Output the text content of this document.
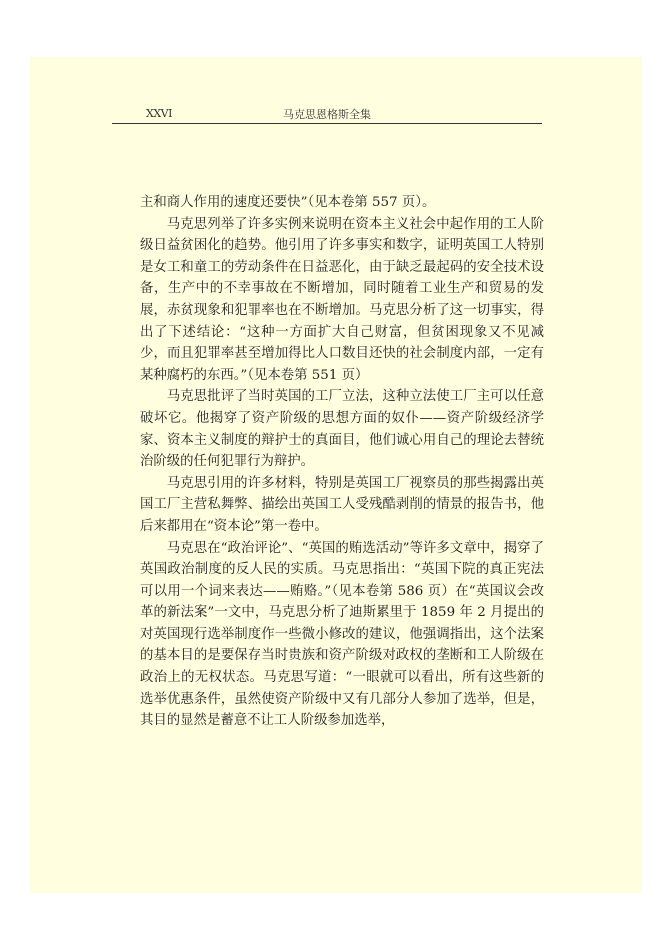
XXVI	马克思恩格斯全集

主和商人作用的速度还要快”（见本卷第 557 页）。

马克思列举了许多实例来说明在资本主义社会中起作用的工人阶级日益贫困化的趋势。他引用了许多事实和数字，证明英国工人特别是女工和童工的劳动条件在日益恶化，由于缺乏最起码的安全技术设备，生产中的不幸事故在不断增加，同时随着工业生产和贸易的发展，赤贫现象和犯罪率也在不断增加。马克思分析了这一切事实，得出了下述结论：“这种一方面扩大自己财富，但贫困现象又不见减少，而且犯罪率甚至增加得比人口数目还快的社会制度内部，一定有某种腐朽的东西。”（见本卷第 551 页）

马克思批评了当时英国的工厂立法，这种立法使工厂主可以任意破坏它。他揭穿了资产阶级的思想方面的奴仆——资产阶级经济学家、资本主义制度的辩护士的真面目，他们诚心用自己的理论去替统治阶级的任何犯罪行为辩护。

马克思引用的许多材料，特别是英国工厂视察员的那些揭露出英国工厂主营私舞弊、描绘出英国工人受残酷剥削的情景的报告书，他后来都用在“资本论”第一卷中。

马克思在“政治评论”、“英国的贿选活动”等许多文章中，揭穿了英国政治制度的反人民的实质。马克思指出：“英国下院的真正宪法可以用一个词来表达——贿赂。”（见本卷第 586 页）在“英国议会改革的新法案”一文中，马克思分析了迪斯累里于 1859 年 2 月提出的对英国现行选举制度作一些微小修改的建议，他强调指出，这个法案的基本目的是要保存当时贵族和资产阶级对政权的垄断和工人阶级在政治上的无权状态。马克思写道：“一眼就可以看出，所有这些新的选举优惠条件，虽然使资产阶级中又有几部分人参加了选举，但是，其目的显然是蓄意不让工人阶级参加选举，
